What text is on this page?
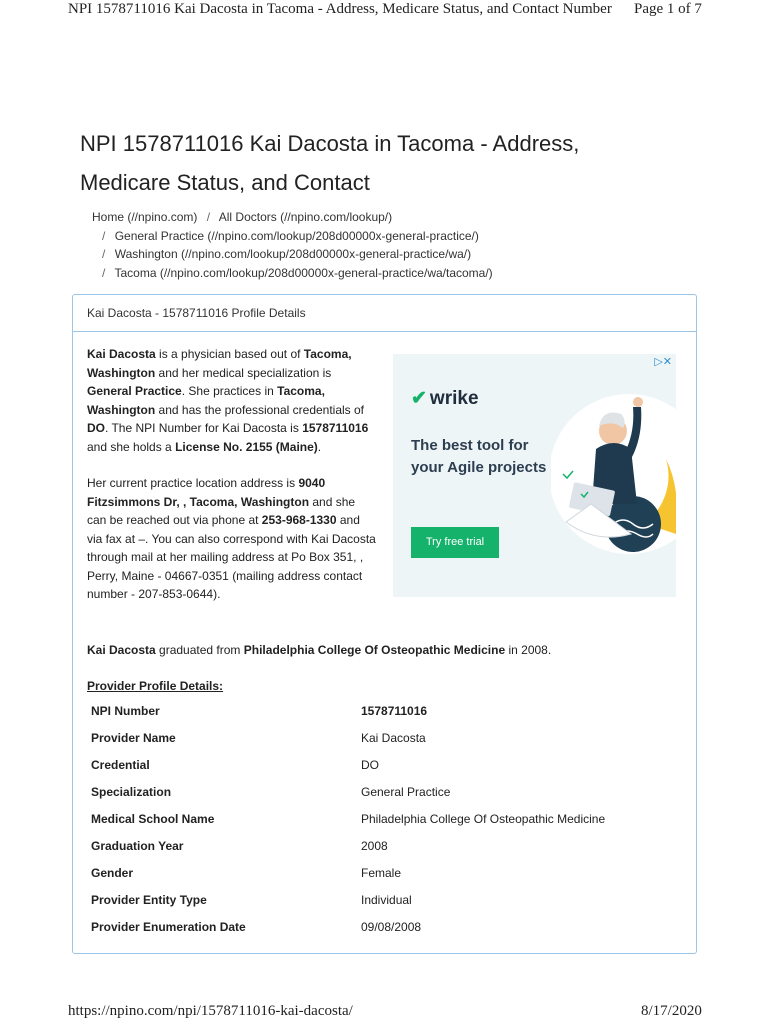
NPI 1578711016 Kai Dacosta in Tacoma - Address, Medicare Status, and Contact Number Page 1 of 7
NPI 1578711016 Kai Dacosta in Tacoma - Address,
Medicare Status, and Contact
Home (//npino.com) / All Doctors (//npino.com/lookup/)
/ General Practice (//npino.com/lookup/208d00000x-general-practice/)
/ Washington (//npino.com/lookup/208d00000x-general-practice/wa/)
/ Tacoma (//npino.com/lookup/208d00000x-general-practice/wa/tacoma/)
Kai Dacosta - 1578711016 Profile Details

Kai Dacosta is a physician based out of Tacoma, Washington and her medical specialization is General Practice. She practices in Tacoma, Washington and has the professional credentials of DO. The NPI Number for Kai Dacosta is 1578711016 and she holds a License No. 2155 (Maine).

Her current practice location address is 9040 Fitzsimmons Dr, , Tacoma, Washington and she can be reached out via phone at 253-968-1330 and via fax at –. You can also correspond with Kai Dacosta through mail at her mailing address at Po Box 351, , Perry, Maine - 04667-0351 (mailing address contact number - 207-853-0644).

▷✕
✔ wrike
The best tool for your Agile projects
Try free trial
Kai Dacosta graduated from Philadelphia College Of Osteopathic Medicine in 2008.
Provider Profile Details:
NPI Number	1578711016
Provider Name	Kai Dacosta
Credential	DO
Specialization	General Practice
Medical School Name	Philadelphia College Of Osteopathic Medicine
Graduation Year	2008
Gender	Female
Provider Entity Type	Individual
Provider Enumeration Date	09/08/2008
https://npino.com/npi/1578711016-kai-dacosta/	8/17/2020
